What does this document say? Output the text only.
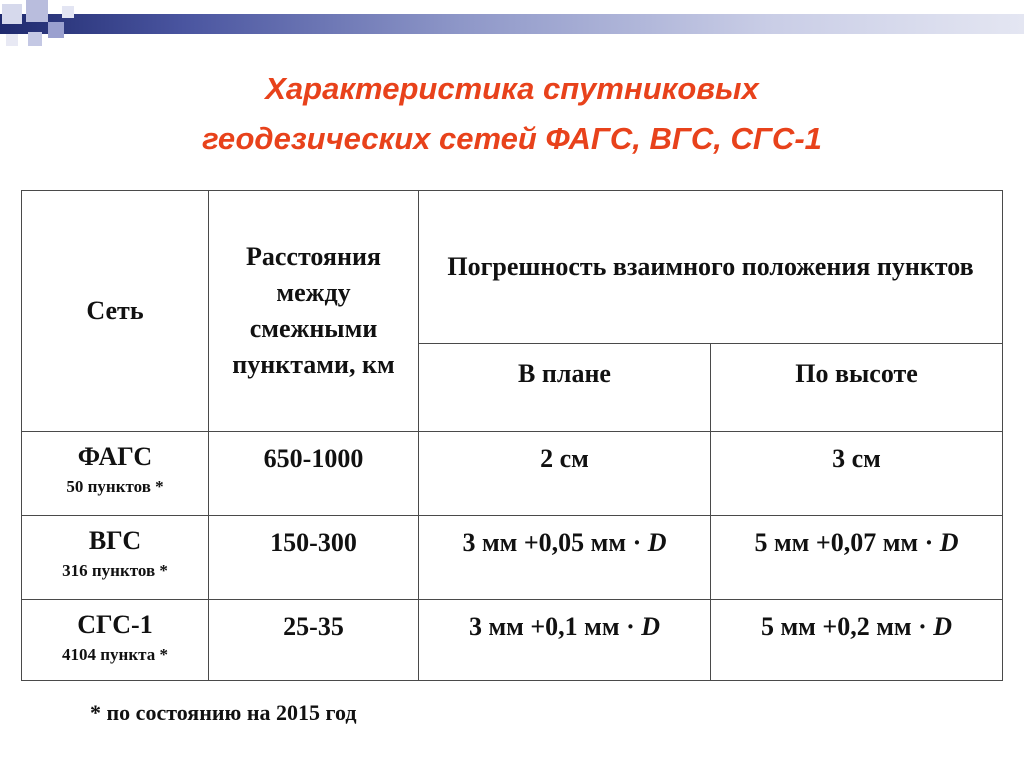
Характеристика спутниковых
геодезических сетей ФАГС, ВГС, СГС-1
Сеть	Расстояния между смежными пунктами, км	Погрешность взаимного положения пунктов	
		В плане	По высоте

ФАГС
50 пунктов *	650-1000	2 см	3 см

ВГС
316 пунктов *	150-300	3 мм +0,05 мм · D	5 мм +0,07 мм · D

СГС-1
4104 пункта *	25-35	3 мм +0,1 мм · D	5 мм +0,2 мм · D
* по состоянию на 2015 год
